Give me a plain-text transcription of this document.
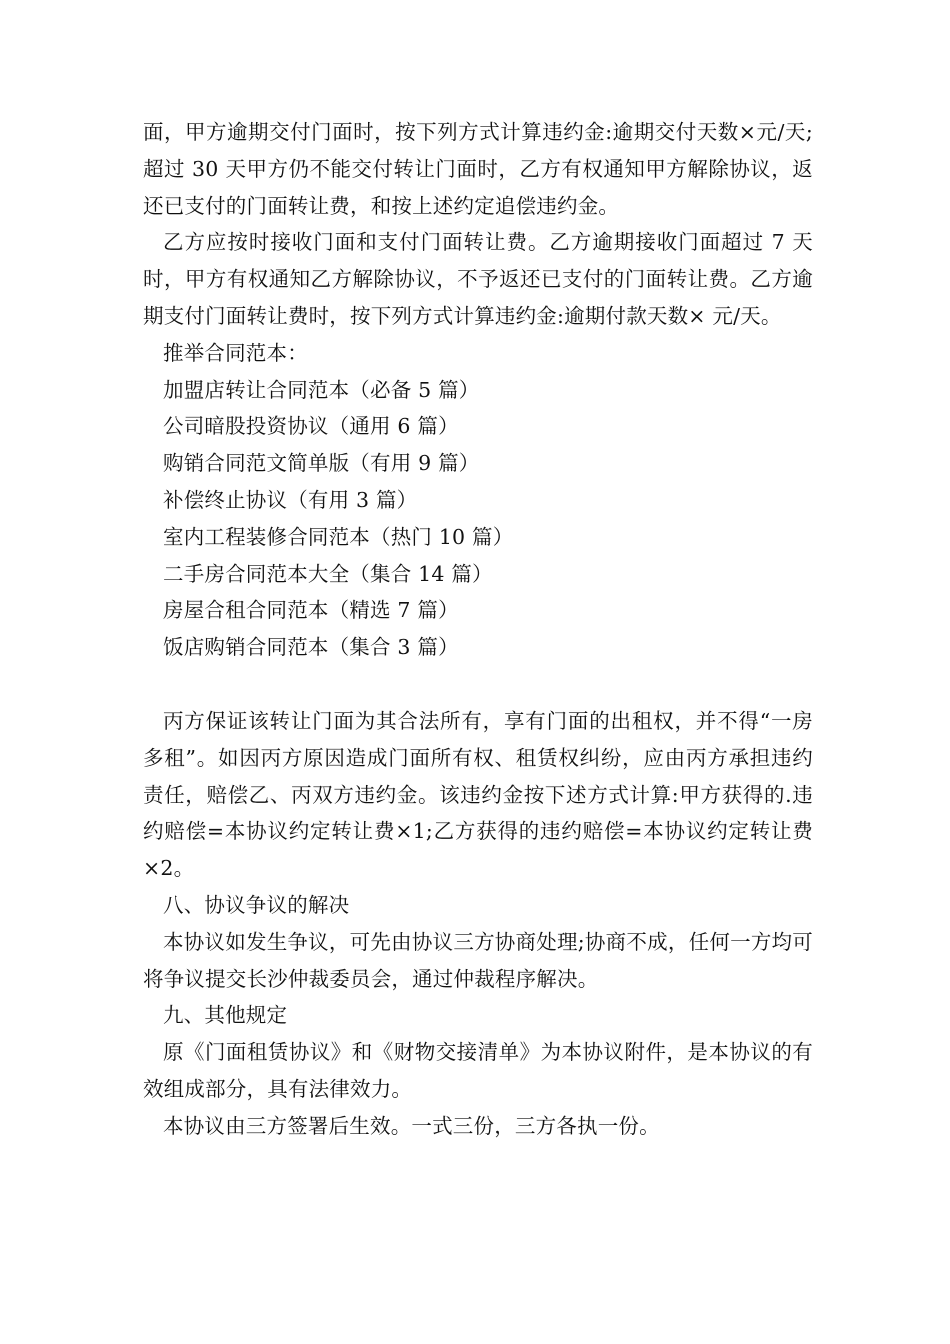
面，甲方逾期交付门面时，按下列方式计算违约金:逾期交付天数×元/天;超过 30 天甲方仍不能交付转让门面时，乙方有权通知甲方解除协议，返还已支付的门面转让费，和按上述约定追偿违约金。

乙方应按时接收门面和支付门面转让费。乙方逾期接收门面超过 7 天时，甲方有权通知乙方解除协议，不予返还已支付的门面转让费。乙方逾期支付门面转让费时，按下列方式计算违约金:逾期付款天数× 元/天。

推举合同范本：

加盟店转让合同范本（必备 5 篇）

公司暗股投资协议（通用 6 篇）

购销合同范文简单版（有用 9 篇）

补偿终止协议（有用 3 篇）

室内工程装修合同范本（热门 10 篇）

二手房合同范本大全（集合 14 篇）

房屋合租合同范本（精选 7 篇）

饭店购销合同范本（集合 3 篇）

丙方保证该转让门面为其合法所有，享有门面的出租权，并不得“一房多租”。如因丙方原因造成门面所有权、租赁权纠纷，应由丙方承担违约责任，赔偿乙、丙双方违约金。该违约金按下述方式计算:甲方获得的.违约赔偿=本协议约定转让费×1;乙方获得的违约赔偿=本协议约定转让费×2。

八、协议争议的解决

本协议如发生争议，可先由协议三方协商处理;协商不成，任何一方均可将争议提交长沙仲裁委员会，通过仲裁程序解决。

九、其他规定

原《门面租赁协议》和《财物交接清单》为本协议附件，是本协议的有效组成部分，具有法律效力。

本协议由三方签署后生效。一式三份，三方各执一份。
